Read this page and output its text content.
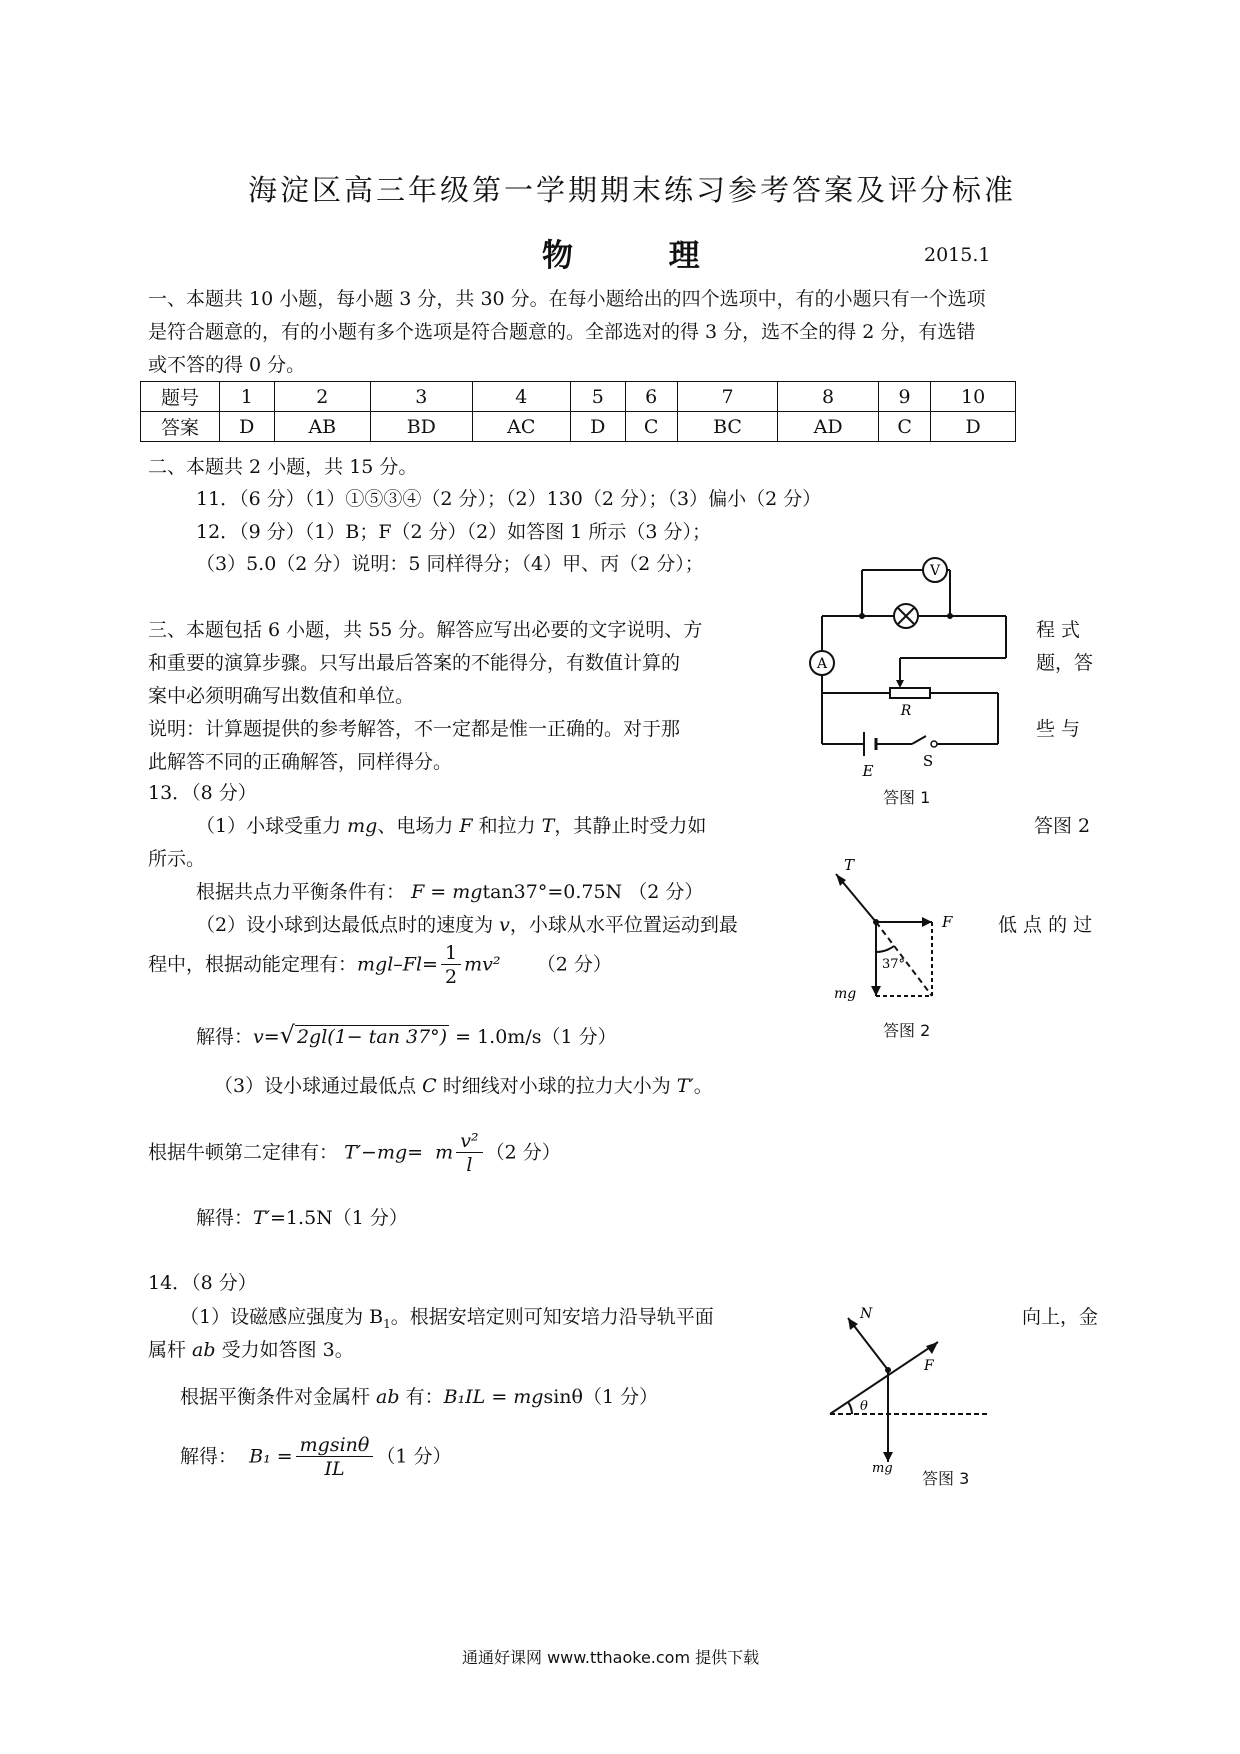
海淀区高三年级第一学期期末练习参考答案及评分标准
物	理	2015.1
一、本题共 10 小题，每小题 3 分，共 30 分。在每小题给出的四个选项中，有的小题只有一个选项
是符合题意的，有的小题有多个选项是符合题意的。全部选对的得 3 分，选不全的得 2 分，有选错
或不答的得 0 分。
题号	1	2	3	4	5	6	7	8	9	10
答案	D	AB	BD	AC	D	C	BC	AD	C	D
二、本题共 2 小题，共 15 分。
11．（6 分）（1）①⑤③④（2 分）；（2）130（2 分）；（3）偏小（2 分）
12．（9 分）（1）B；F（2 分）（2）如答图 1 所示（3 分）；
（3）5.0（2 分）说明：5 同样得分；（4）甲、丙（2 分）；
三、本题包括 6 小题，共 55 分。解答应写出必要的文字说明、方	程 式
和重要的演算步骤。只写出最后答案的不能得分，有数值计算的	题，答
案中必须明确写出数值和单位。
说明：计算题提供的参考解答，不一定都是惟一正确的。对于那	些 与
此解答不同的正确解答，同样得分。
V
A
R
E
S
答图 1
13．（8 分）
（1）小球受重力 mg、电场力 F 和拉力 T，其静止时受力如	答图 2
所示。
根据共点力平衡条件有： F = mgtan37°=0.75N （2 分）
（2）设小球到达最低点时的速度为 v，小球从水平位置运动到最	低 点 的 过
程中，根据动能定理有：$mgl-Fl= \frac{1}{2} mv^2$ （2 分）
解得：v=√ 2gl(1− tan 37°) = 1.0m/s（1 分）
（3）设小球通过最低点 C 时细线对小球的拉力大小为 T′。
根据牛顿第二定律有： T′−mg= m $\frac{\text{v²}}{l} (2$ 分）
解得：T′=1.5N（1 分）
T
F
mg
37°
答图 2
14．（8 分）
（1）设磁感应强度为 $B_1$。根据安培定则可知安培力沿导轨平面	向上，金
属杆 ab 受力如答图 3。
根据平衡条件对金属杆 ab 有：B₁IL = mgsinθ（1 分）
解得： $B_1 = \frac{mgsin\theta}{IL} (1$ 分）
N
F
mg
θ
答图 3
通通好课网 www.tthaoke.com 提供下载
